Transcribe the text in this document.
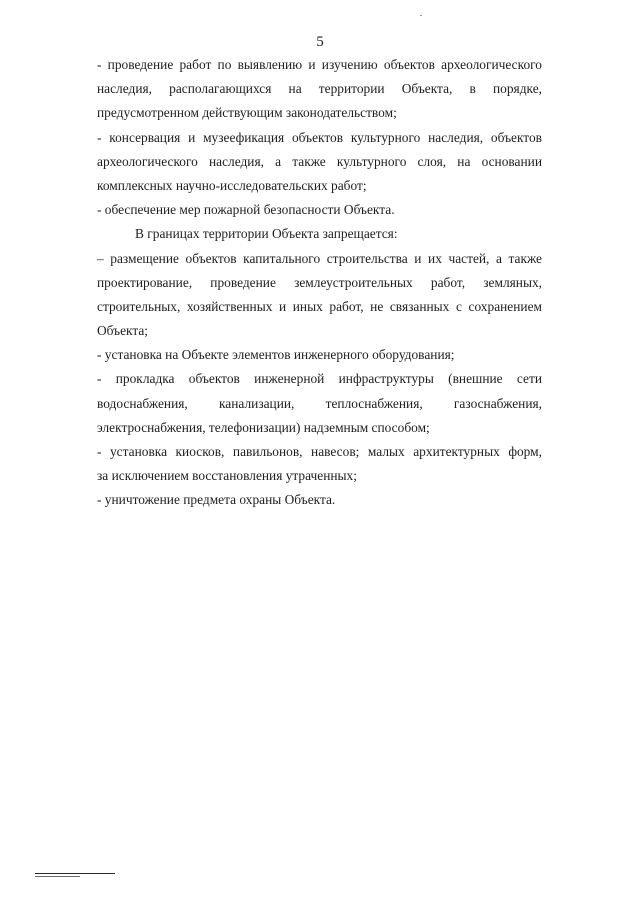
5
- проведение работ по выявлению и изучению объектов археологического
наследия, располагающихся на территории Объекта, в порядке,
предусмотренном действующим законодательством;
- консервация и музеефикация объектов культурного наследия, объектов
археологического наследия, а также культурного слоя, на основании
комплексных научно-исследовательских работ;
- обеспечение мер пожарной безопасности Объекта.
В границах территории Объекта запрещается:
– размещение объектов капитального строительства и их частей, а также
проектирование, проведение землеустроительных работ, земляных,
строительных, хозяйственных и иных работ, не связанных с сохранением
Объекта;
- установка на Объекте элементов инженерного оборудования;
- прокладка объектов инженерной инфраструктуры (внешние сети
водоснабжения, канализации, теплоснабжения, газоснабжения,
электроснабжения, телефонизации) надземным способом;
- установка киосков, павильонов, навесов; малых архитектурных форм,
за исключением восстановления утраченных;
- уничтожение предмета охраны Объекта.
